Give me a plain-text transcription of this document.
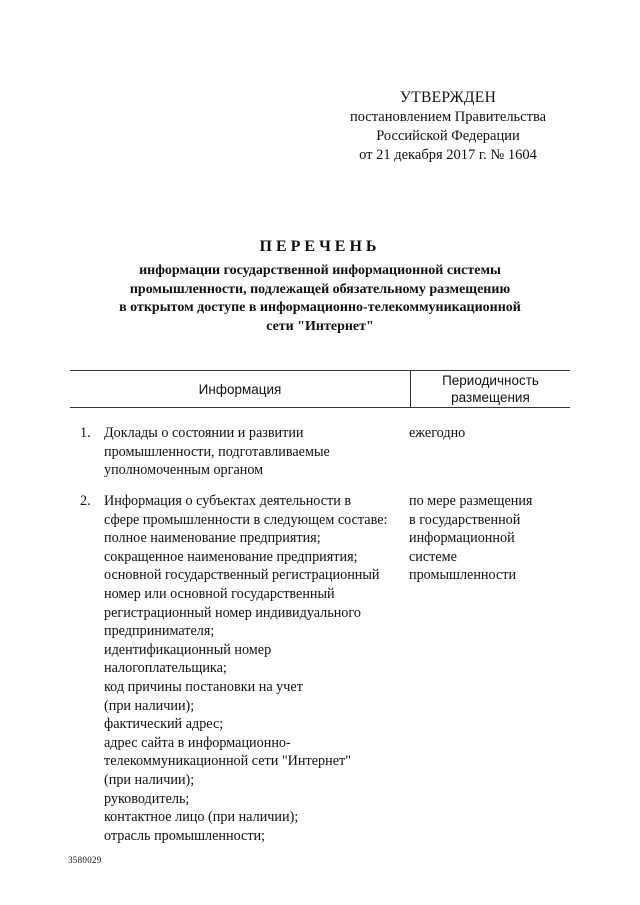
УТВЕРЖДЕН
постановлением Правительства
Российской Федерации
от 21 декабря 2017 г. № 1604
ПЕРЕЧЕНЬ
информации государственной информационной системы
промышленности, подлежащей обязательному размещению
в открытом доступе в информационно-телекоммуникационной
сети "Интернет"
Информация
Периодичность
размещения
1. Доклады о состоянии и развитии
промышленности, подготавливаемые
уполномоченным органом
ежегодно
2. Информация о субъектах деятельности в
сфере промышленности в следующем составе:
полное наименование предприятия;
сокращенное наименование предприятия;
основной государственный регистрационный
номер или основной государственный
регистрационный номер индивидуального
предпринимателя;
идентификационный номер
налогоплательщика;
код причины постановки на учет
(при наличии);
фактический адрес;
адрес сайта в информационно-
телекоммуникационной сети "Интернет"
(при наличии);
руководитель;
контактное лицо (при наличии);
отрасль промышленности;
по мере размещения
в государственной
информационной
системе
промышленности
3580029
